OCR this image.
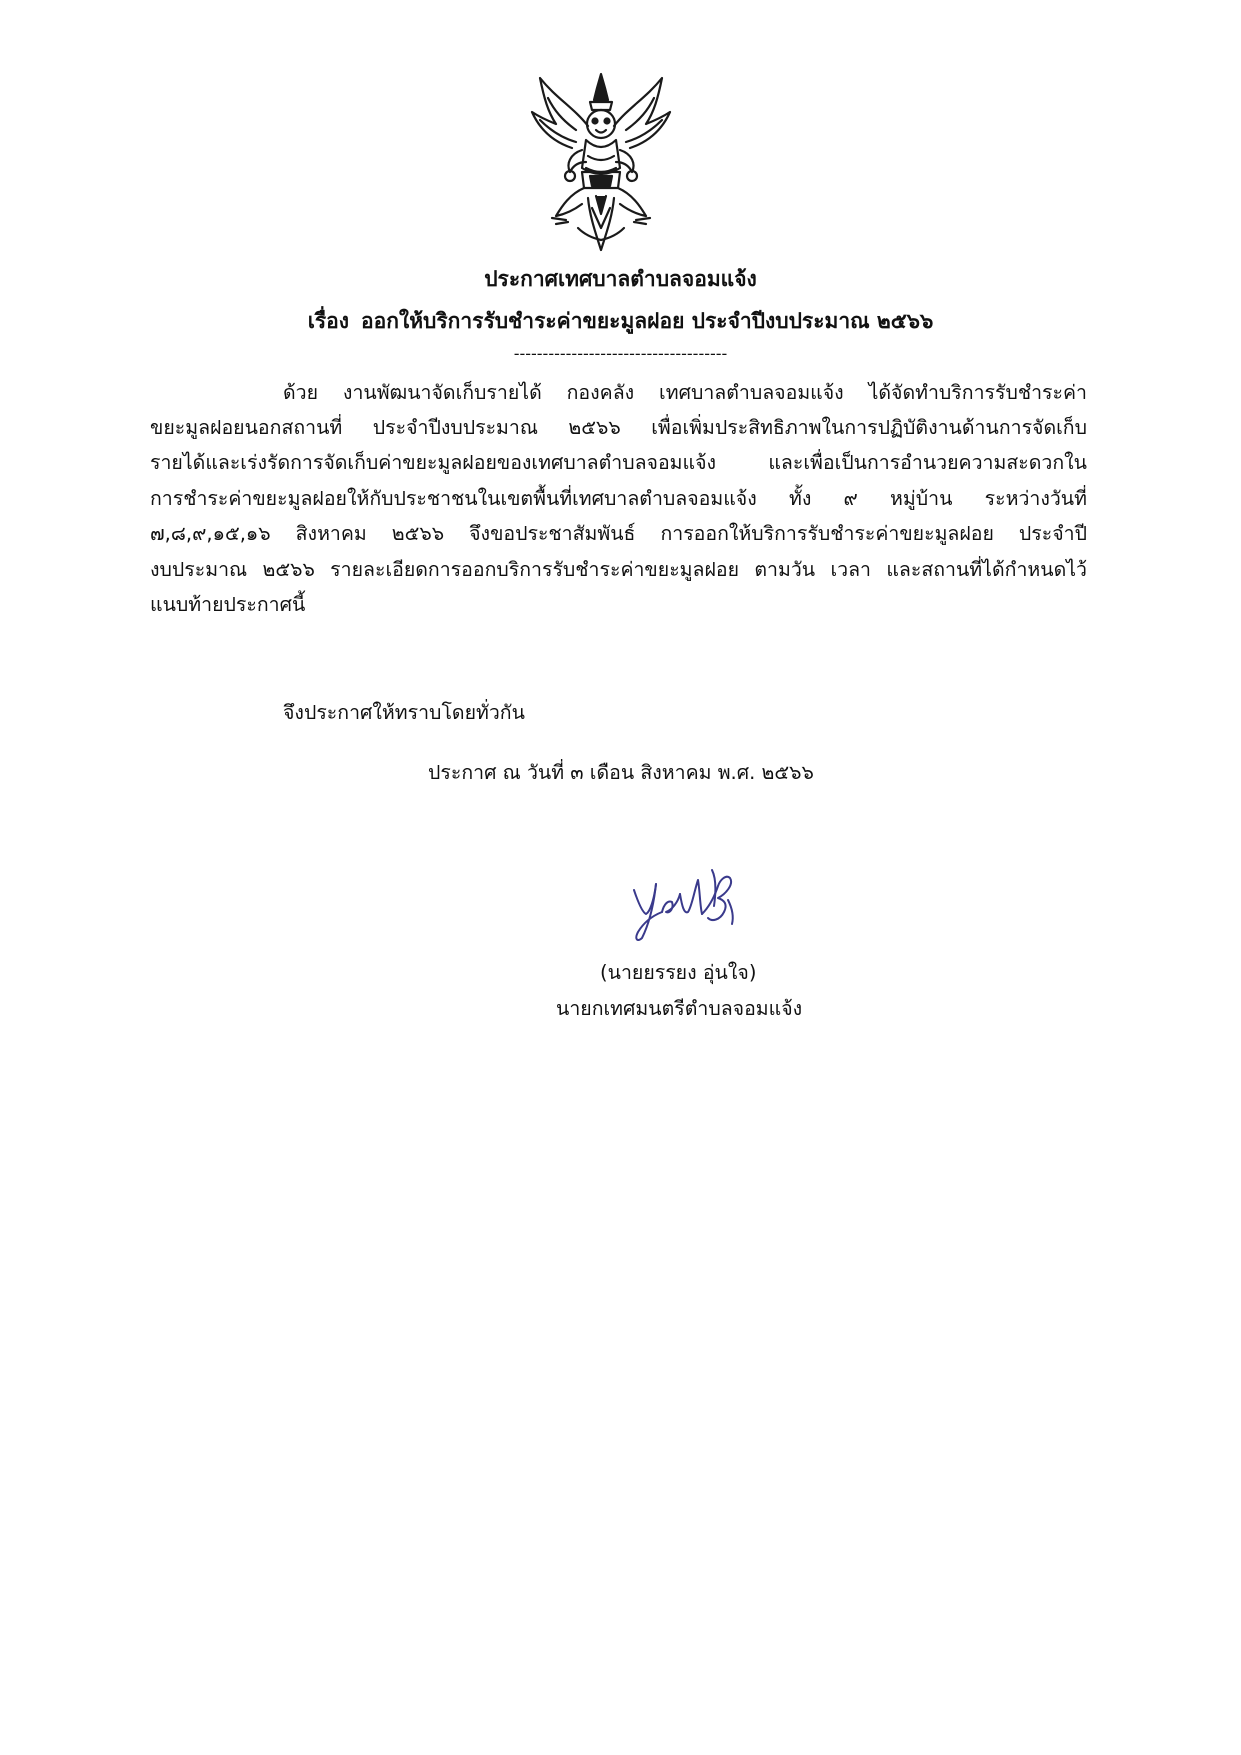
ประกาศเทศบาลตำบลจอมแจ้ง
เรื่อง ออกให้บริการรับชำระค่าขยะมูลฝอย ประจำปีงบประมาณ ๒๕๖๖
-------------------------------------
ด้วย งานพัฒนาจัดเก็บรายได้ กองคลัง เทศบาลตำบลจอมแจ้ง ได้จัดทำบริการรับชำระค่า
ขยะมูลฝอยนอกสถานที่ ประจำปีงบประมาณ ๒๕๖๖ เพื่อเพิ่มประสิทธิภาพในการปฏิบัติงานด้านการจัดเก็บ
รายได้และเร่งรัดการจัดเก็บค่าขยะมูลฝอยของเทศบาลตำบลจอมแจ้ง และเพื่อเป็นการอำนวยความสะดวกใน
การชำระค่าขยะมูลฝอยให้กับประชาชนในเขตพื้นที่เทศบาลตำบลจอมแจ้ง ทั้ง ๙ หมู่บ้าน ระหว่างวันที่
๗,๘,๙,๑๕,๑๖ สิงหาคม ๒๕๖๖ จึงขอประชาสัมพันธ์ การออกให้บริการรับชำระค่าขยะมูลฝอย ประจำปี
งบประมาณ ๒๕๖๖ รายละเอียดการออกบริการรับชำระค่าขยะมูลฝอย ตามวัน เวลา และสถานที่ได้กำหนดไว้
แนบท้ายประกาศนี้
จึงประกาศให้ทราบโดยทั่วกัน
ประกาศ ณ วันที่ ๓ เดือน สิงหาคม พ.ศ. ๒๕๖๖
(นายยรรยง อุ่นใจ)
นายกเทศมนตรีตำบลจอมแจ้ง
